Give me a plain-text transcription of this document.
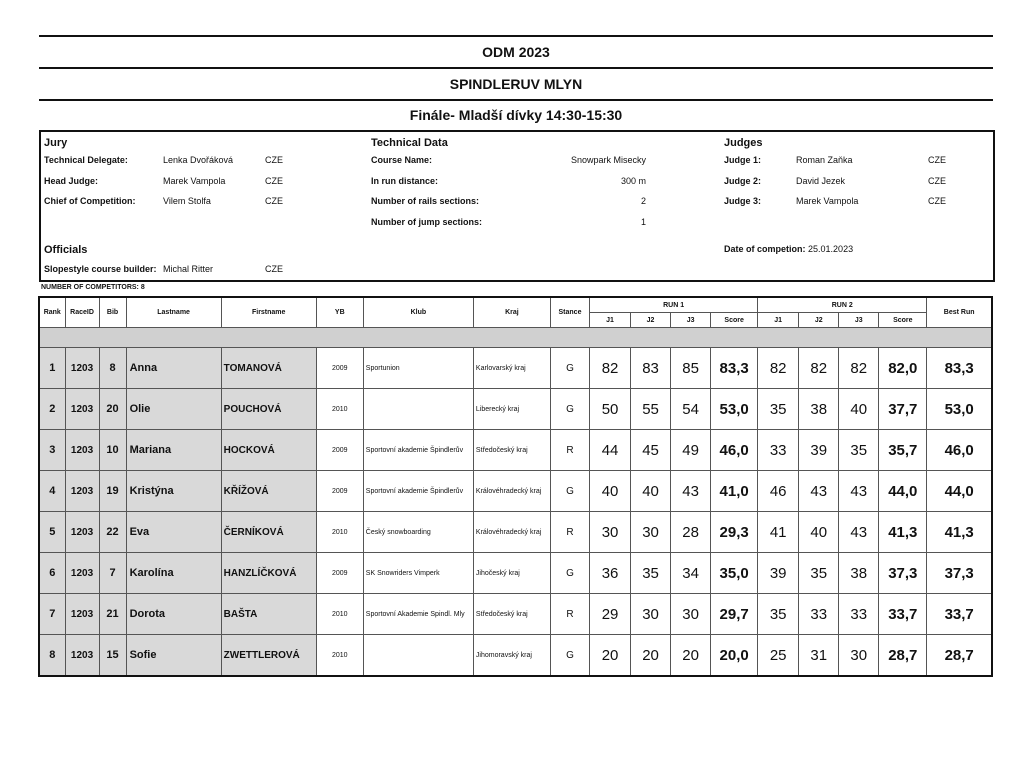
ODM 2023
SPINDLERUV MLYN
Finále- Mladší dívky 14:30-15:30
Jury
Technical Delegate:	Lenka Dvořáková	CZE
Head Judge:	Marek Vampola	CZE
Chief of Competition:	Vilem Stolfa	CZE
Officials
Slopestyle course builder: Michal Ritter	CZE
Technical Data
Course Name:	Snowpark Misecky
In run distance:	300 m
Number of rails sections:	2
Number of jump sections:	1
Judges
Judge 1:	Roman Zaňka	CZE
Judge 2:	David Jezek	CZE
Judge 3:	Marek Vampola	CZE
Date of competion: 25.01.2023
NUMBER OF COMPETITORS: 8
Rank	RaceID	Bib	Lastname	Firstname	YB	Klub	Kraj	Stance	RUN 1				RUN 2				Best Run
									J1	J2	J3	Score	J1	J2	J3	Score	

1	1203	8	Anna	TOMANOVÁ	2009	Sportunion	Karlovarský kraj	G	82	83	85	83,3	82	82	82	82,0	83,3
2	1203	20	Olie	POUCHOVÁ	2010		Liberecký kraj	G	50	55	54	53,0	35	38	40	37,7	53,0
3	1203	10	Mariana	HOCKOVÁ	2009	Sportovní akademie Špindlerův	Středočeský kraj	R	44	45	49	46,0	33	39	35	35,7	46,0
4	1203	19	Kristýna	KŘÍŽOVÁ	2009	Sportovní akademie Špindlerův	Královéhradecký kraj	G	40	40	43	41,0	46	43	43	44,0	44,0
5	1203	22	Eva	ČERNÍKOVÁ	2010	Český snowboarding	Královéhradecký kraj	R	30	30	28	29,3	41	40	43	41,3	41,3
6	1203	7	Karolína	HANZLÍČKOVÁ	2009	SK Snowriders Vimperk	Jihočeský kraj	G	36	35	34	35,0	39	35	38	37,3	37,3
7	1203	21	Dorota	BAŠTA	2010	Sportovní Akademie Spindl. Mly	Středočeský kraj	R	29	30	30	29,7	35	33	33	33,7	33,7
8	1203	15	Sofie	ZWETTLEROVÁ	2010		Jihomoravský kraj	G	20	20	20	20,0	25	31	30	28,7	28,7
